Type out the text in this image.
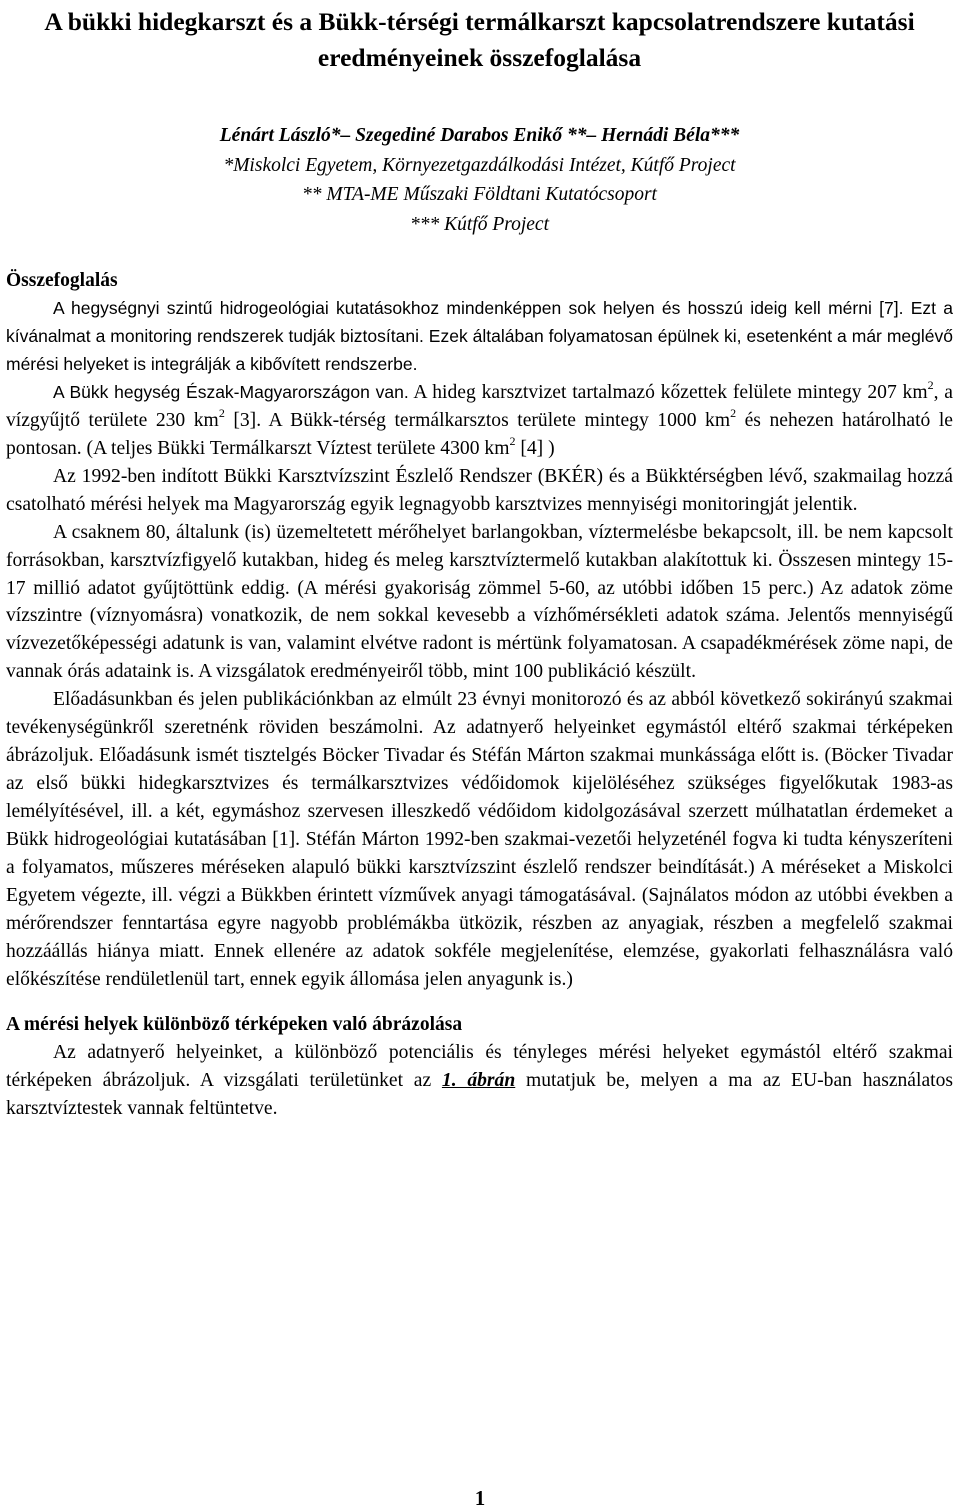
A bükki hidegkarszt és a Bükk-térségi termálkarszt kapcsolatrendszere kutatási eredményeinek összefoglalása
Lénárt László*– Szegediné Darabos Enikő **– Hernádi Béla***
*Miskolci Egyetem, Környezetgazdálkodási Intézet, Kútfő Project
** MTA-ME Műszaki Földtani Kutatócsoport
*** Kútfő Project
Összefoglalás

A hegységnyi szintű hidrogeológiai kutatásokhoz mindenképpen sok helyen és hosszú ideig kell mérni [7]. Ezt a kívánalmat a monitoring rendszerek tudják biztosítani. Ezek általában folyamatosan épülnek ki, esetenként a már meglévő mérési helyeket is integrálják a kibővített rendszerbe.

A Bükk hegység Észak-Magyarországon van. A hideg karsztvizet tartalmazó kőzettek felülete mintegy 207 $km^2$, a vízgyűjtő területe 230 $km^2$ [3]. A Bükk-térség termálkarsztos területe mintegy 1000 $km^2$ és nehezen határolható le pontosan. (A teljes Bükki Termálkarszt Víztest területe 4300 $km^2$ [4] )

Az 1992-ben indított Bükki Karsztvízszint Észlelő Rendszer (BKÉR) és a Bükktérségben lévő, szakmailag hozzá csatolható mérési helyek ma Magyarország egyik legnagyobb karsztvizes mennyiségi monitoringját jelentik.

A csaknem 80, általunk (is) üzemeltetett mérőhelyet barlangokban, víztermelésbe bekapcsolt, ill. be nem kapcsolt forrásokban, karsztvízfigyelő kutakban, hideg és meleg karsztvíztermelő kutakban alakítottuk ki. Összesen mintegy 15-17 millió adatot gyűjtöttünk eddig. (A mérési gyakoriság zömmel 5-60, az utóbbi időben 15 perc.) Az adatok zöme vízszintre (víznyomásra) vonatkozik, de nem sokkal kevesebb a vízhőmérsékleti adatok száma. Jelentős mennyiségű vízvezetőképességi adatunk is van, valamint elvétve radont is mértünk folyamatosan. A csapadékmérések zöme napi, de vannak órás adataink is. A vizsgálatok eredményeiről több, mint 100 publikáció készült.

Előadásunkban és jelen publikációnkban az elmúlt 23 évnyi monitorozó és az abból következő sokirányú szakmai tevékenységünkről szeretnénk röviden beszámolni. Az adatnyerő helyeinket egymástól eltérő szakmai térképeken ábrázoljuk. Előadásunk ismét tisztelgés Böcker Tivadar és Stéfán Márton szakmai munkássága előtt is. (Böcker Tivadar az első bükki hidegkarsztvizes és termálkarsztvizes védőidomok kijelöléséhez szükséges figyelőkutak 1983-as lemélyítésével, ill. a két, egymáshoz szervesen illeszkedő védőidom kidolgozásával szerzett múlhatatlan érdemeket a Bükk hidrogeológiai kutatásában [1]. Stéfán Márton 1992-ben szakmai-vezetői helyzeténél fogva ki tudta kényszeríteni a folyamatos, műszeres méréseken alapuló bükki karsztvízszint észlelő rendszer beindítását.) A méréseket a Miskolci Egyetem végezte, ill. végzi a Bükkben érintett vízművek anyagi támogatásával. (Sajnálatos módon az utóbbi években a mérőrendszer fenntartása egyre nagyobb problémákba ütközik, részben az anyagiak, részben a megfelelő szakmai hozzáállás hiánya miatt. Ennek ellenére az adatok sokféle megjelenítése, elemzése, gyakorlati felhasználásra való előkészítése rendületlenül tart, ennek egyik állomása jelen anyagunk is.)

A mérési helyek különböző térképeken való ábrázolása

Az adatnyerő helyeinket, a különböző potenciális és tényleges mérési helyeket egymástól eltérő szakmai térképeken ábrázoljuk. A vizsgálati területünket az 1. ábrán mutatjuk be, melyen a ma az EU-ban használatos karsztvíztestek vannak feltüntetve.

1
